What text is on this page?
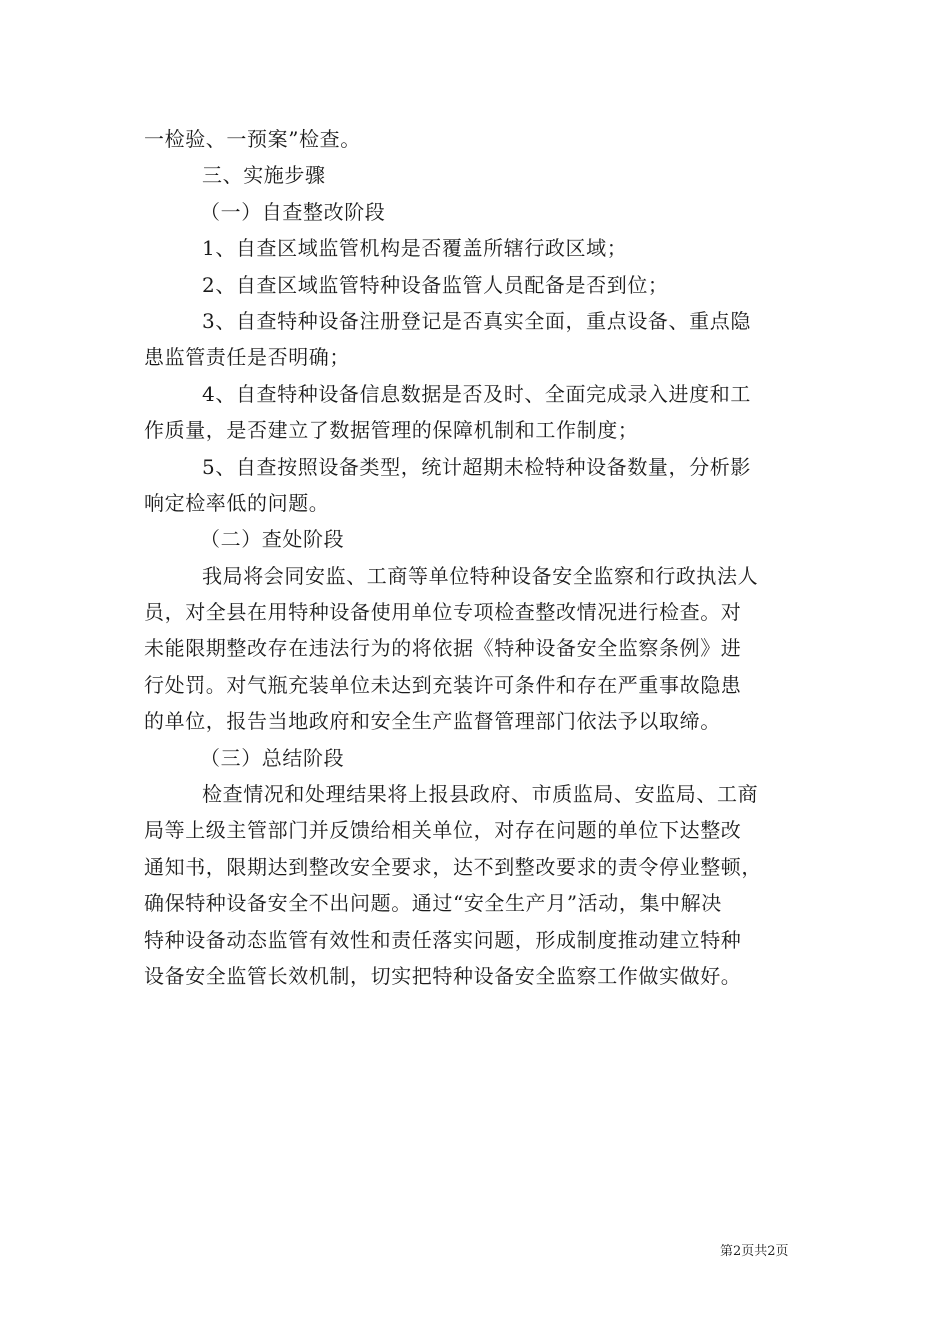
一检验、一预案”检查。
三、实施步骤
（一）自查整改阶段
1、自查区域监管机构是否覆盖所辖行政区域；
2、自查区域监管特种设备监管人员配备是否到位；
3、自查特种设备注册登记是否真实全面，重点设备、重点隐
患监管责任是否明确；
4、自查特种设备信息数据是否及时、全面完成录入进度和工
作质量，是否建立了数据管理的保障机制和工作制度；
5、自查按照设备类型，统计超期未检特种设备数量，分析影
响定检率低的问题。
（二）查处阶段
我局将会同安监、工商等单位特种设备安全监察和行政执法人
员，对全县在用特种设备使用单位专项检查整改情况进行检查。对
未能限期整改存在违法行为的将依据《特种设备安全监察条例》进
行处罚。对气瓶充装单位未达到充装许可条件和存在严重事故隐患
的单位，报告当地政府和安全生产监督管理部门依法予以取缔。
（三）总结阶段
检查情况和处理结果将上报县政府、市质监局、安监局、工商
局等上级主管部门并反馈给相关单位，对存在问题的单位下达整改
通知书，限期达到整改安全要求，达不到整改要求的责令停业整顿，
确保特种设备安全不出问题。通过“安全生产月”活动，集中解决
特种设备动态监管有效性和责任落实问题，形成制度推动建立特种
设备安全监管长效机制，切实把特种设备安全监察工作做实做好。
第2页共2页
